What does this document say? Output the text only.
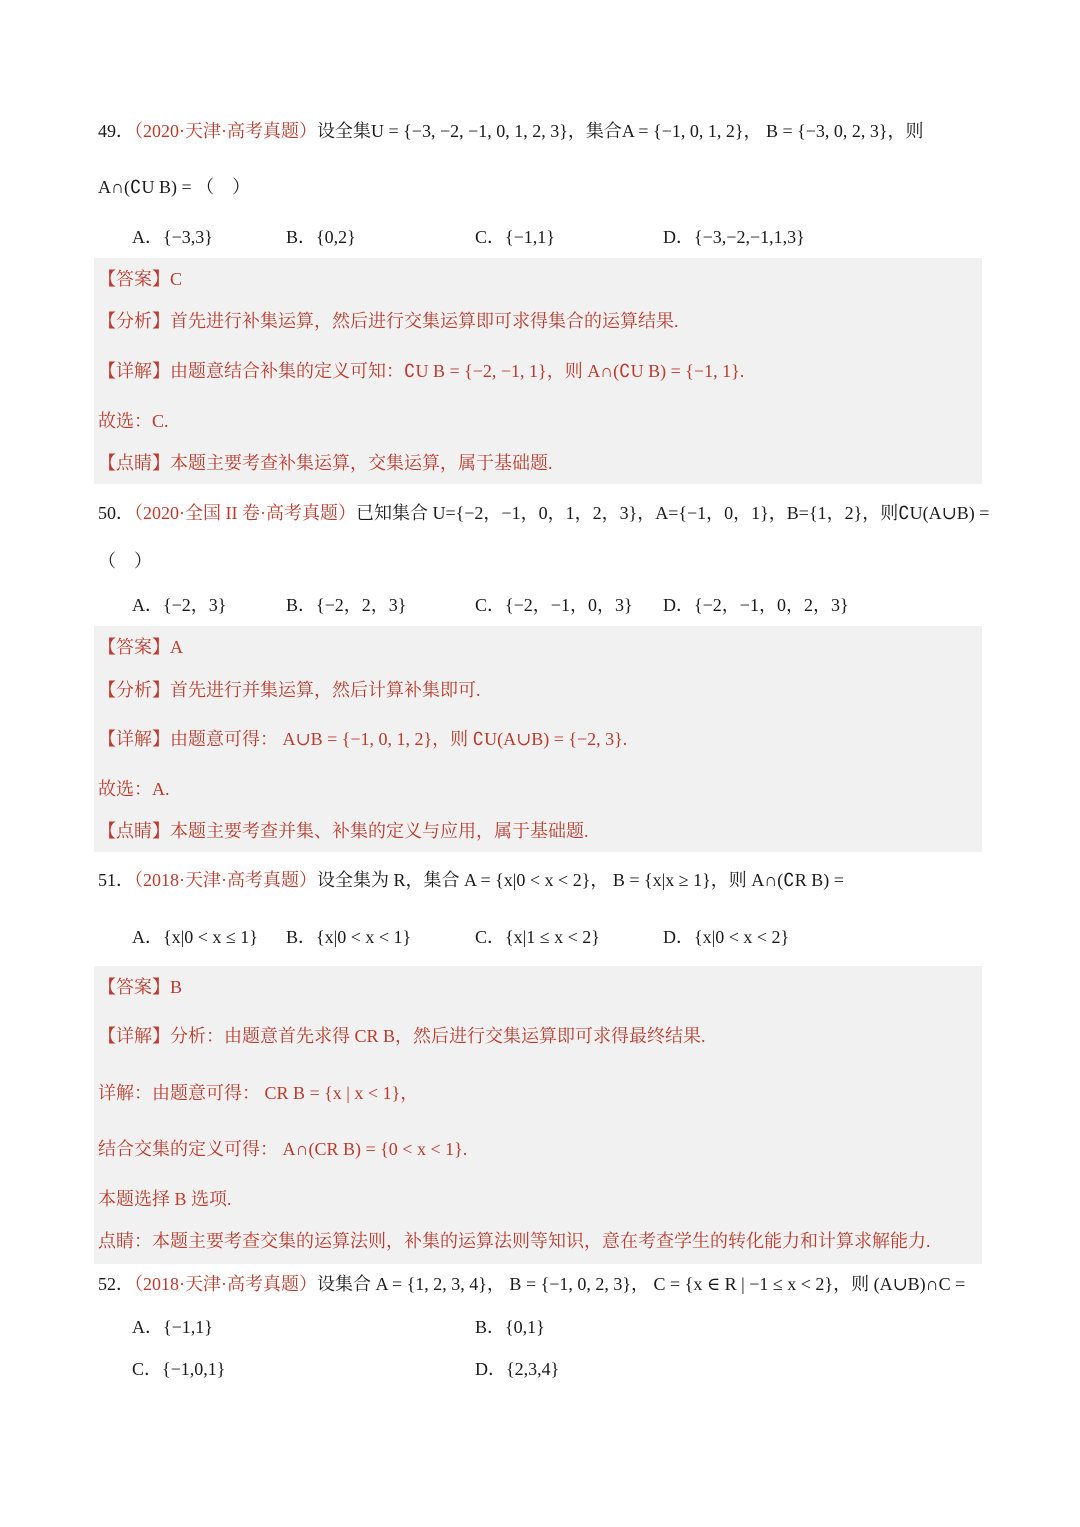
49．（2020·天津·高考真题）设全集U = {−3, −2, −1, 0, 1, 2, 3}，集合A = {−1, 0, 1, 2}， B = {−3, 0, 2, 3}，则
A∩(∁U B) = （　）
A．{−3,3}	B．{0,2}	C．{−1,1}	D．{−3,−2,−1,1,3}
【答案】C
【分析】首先进行补集运算，然后进行交集运算即可求得集合的运算结果.
【详解】由题意结合补集的定义可知：∁U B = {−2, −1, 1}，则 A∩(∁U B) = {−1, 1}.
故选：C.
【点睛】本题主要考查补集运算，交集运算，属于基础题.
50．（2020·全国 II 卷·高考真题）已知集合 U={−2，−1，0，1，2，3}，A={−1，0，1}，B={1，2}，则∁U(A∪B) =
（　）
A．{−2，3}	B．{−2，2，3}	C．{−2，−1，0，3} D．{−2，−1，0，2，3}
【答案】A
【分析】首先进行并集运算，然后计算补集即可.
【详解】由题意可得： A∪B = {−1, 0, 1, 2}，则 ∁U(A∪B) = {−2, 3}.
故选：A.
【点睛】本题主要考查并集、补集的定义与应用，属于基础题.
51．（2018·天津·高考真题）设全集为 R，集合 A = {x|0 < x < 2}， B = {x|x ≥ 1}，则 A∩(∁R B) =
A．{x|0 < x ≤ 1} B．{x|0 < x < 1}	C．{x|1 ≤ x < 2}	D．{x|0 < x < 2}
【答案】B
【详解】分析：由题意首先求得 CR B，然后进行交集运算即可求得最终结果.
详解：由题意可得： CR B = {x | x < 1}，
结合交集的定义可得： A∩(CR B) = {0 < x < 1}.
本题选择 B 选项.
点睛：本题主要考查交集的运算法则，补集的运算法则等知识，意在考查学生的转化能力和计算求解能力.
52．（2018·天津·高考真题）设集合 A = {1, 2, 3, 4}， B = {−1, 0, 2, 3}， C = {x ∈ R | −1 ≤ x < 2}，则 (A∪B)∩C =
A．{−1,1}	B．{0,1}
C．{−1,0,1}	D．{2,3,4}
